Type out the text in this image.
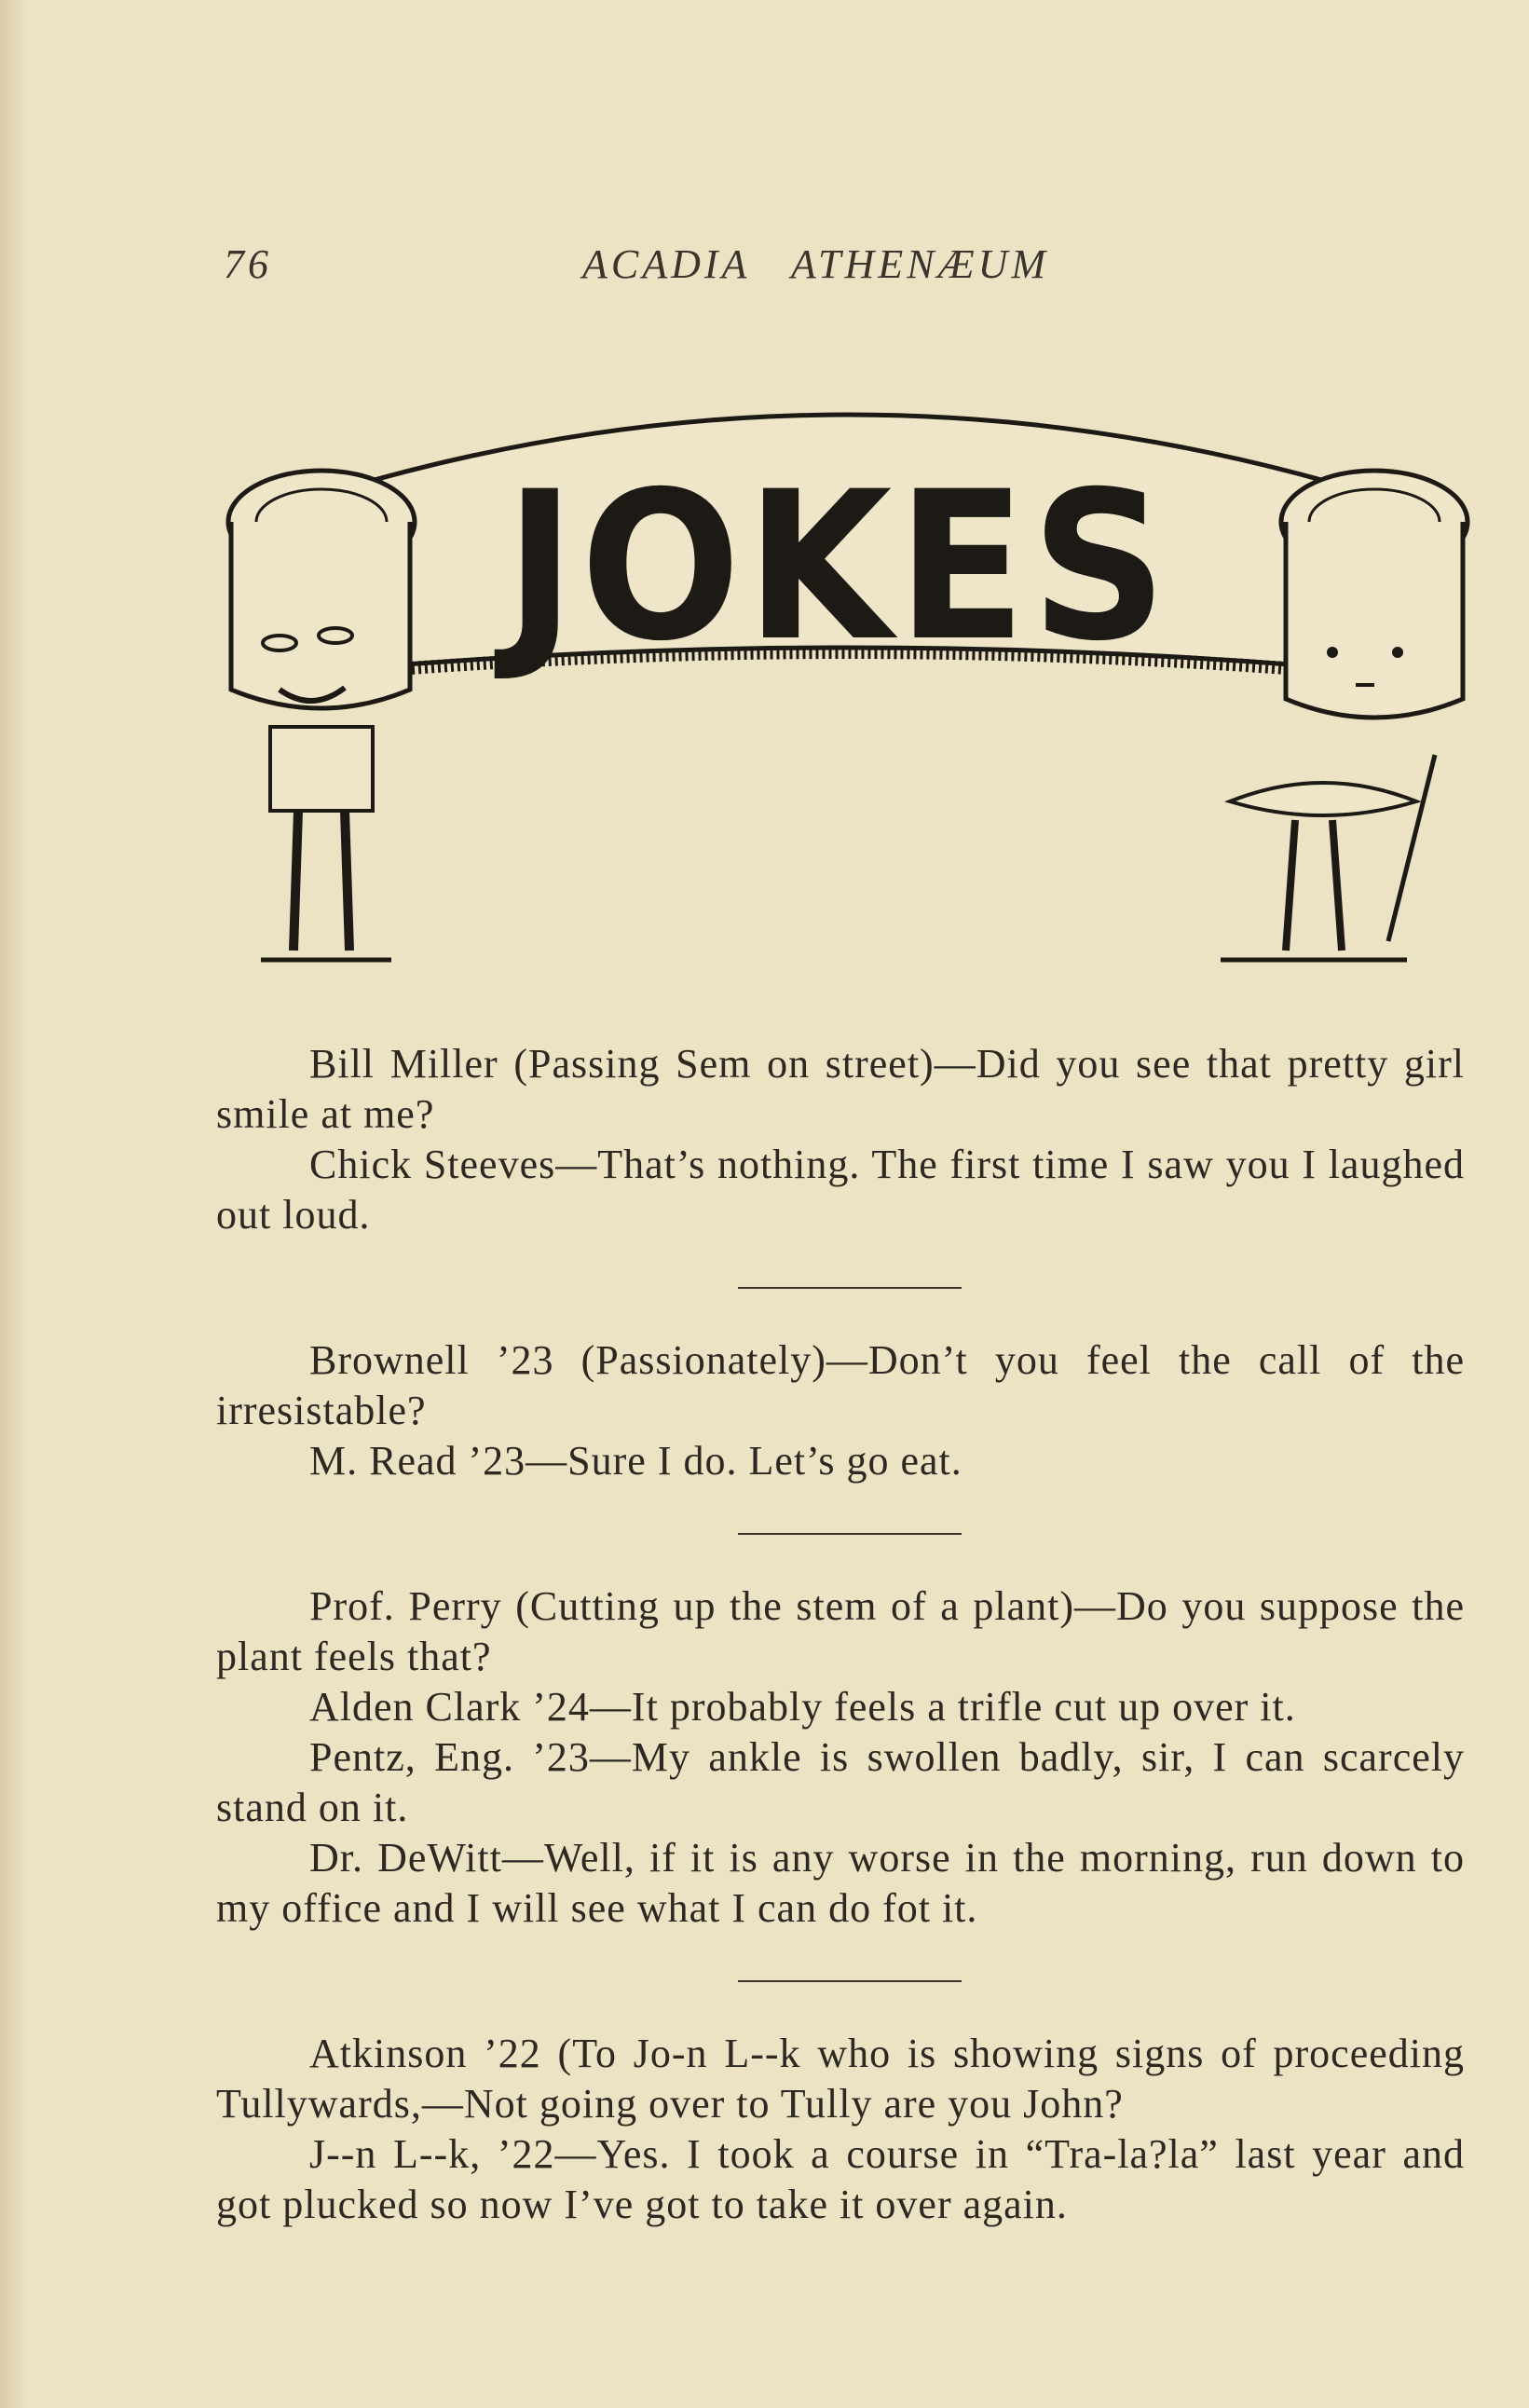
76	ACADIA ATHENÆUM
JOKES

Bill Miller (Passing Sem on street)—Did you see that pretty girl smile at me?

Chick Steeves—That’s nothing. The first time I saw you I laughed out loud.

Brownell ’23 (Passionately)—Don’t you feel the call of the irresistable?

M. Read ’23—Sure I do. Let’s go eat.

Prof. Perry (Cutting up the stem of a plant)—Do you suppose the plant feels that?

Alden Clark ’24—It probably feels a trifle cut up over it.

Pentz, Eng. ’23—My ankle is swollen badly, sir, I can scarcely stand on it.

Dr. DeWitt—Well, if it is any worse in the morning, run down to my office and I will see what I can do fot it.

Atkinson ’22 (To Jo-n L--k who is showing signs of proceeding Tullywards,—Not going over to Tully are you John?

J--n L--k, ’22—Yes. I took a course in “Tra-la?la” last year and got plucked so now I’ve got to take it over again.
